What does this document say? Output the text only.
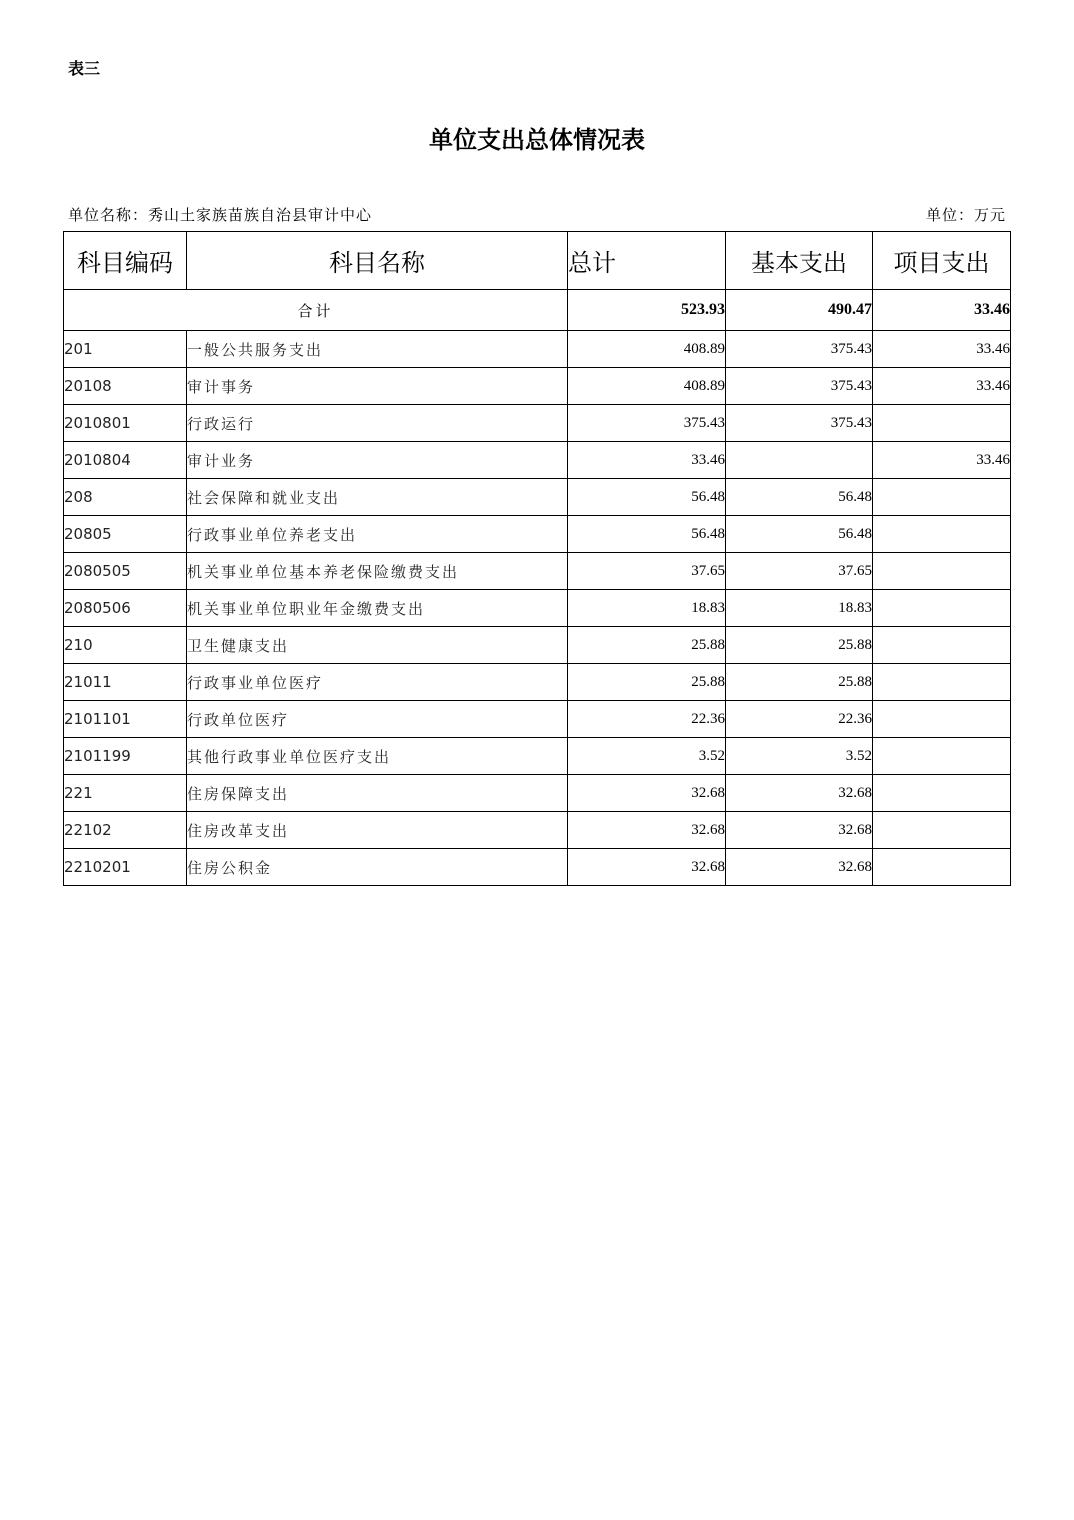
表三
单位支出总体情况表
单位名称：秀山土家族苗族自治县审计中心	单位：万元
科目编码	科目名称	总计	基本支出	项目支出
合计		523.93	490.47	33.46
201	一般公共服务支出	408.89	375.43	33.46
20108	审计事务	408.89	375.43	33.46
2010801	行政运行	375.43	375.43	
2010804	审计业务	33.46		33.46
208	社会保障和就业支出	56.48	56.48	
20805	行政事业单位养老支出	56.48	56.48	
2080505	机关事业单位基本养老保险缴费支出	37.65	37.65	
2080506	机关事业单位职业年金缴费支出	18.83	18.83	
210	卫生健康支出	25.88	25.88	
21011	行政事业单位医疗	25.88	25.88	
2101101	行政单位医疗	22.36	22.36	
2101199	其他行政事业单位医疗支出	3.52	3.52	
221	住房保障支出	32.68	32.68	
22102	住房改革支出	32.68	32.68	
2210201	住房公积金	32.68	32.68	
